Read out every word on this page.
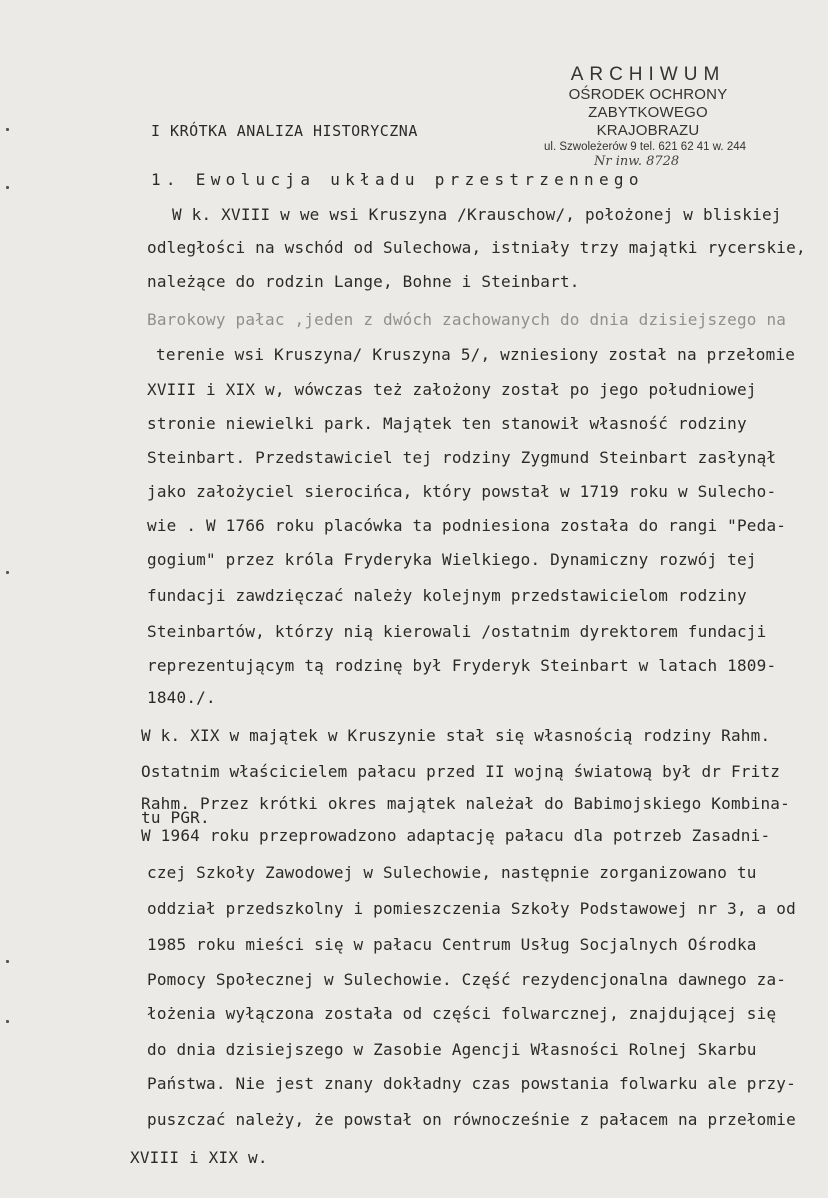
ARCHIWUM
OŚRODEK OCHRONY
ZABYTKOWEGO KRAJOBRAZU
ul. Szwoleżerów 9 tel. 621 62 41 w. 244
Nr inw. 8728
I KRÓTKA ANALIZA HISTORYCZNA
1. Ewolucja układu przestrzennego
W k. XVIII w we wsi Kruszyna /Krauschow/, położonej w bliskiej
odległości na wschód od Sulechowa, istniały trzy majątki rycerskie,
należące do rodzin Lange, Bohne i Steinbart.
Barokowy pałac ,jeden z dwóch zachowanych do dnia dzisiejszego na
terenie wsi Kruszyna/ Kruszyna 5/, wzniesiony został na przełomie
XVIII i XIX w, wówczas też założony został po jego południowej
stronie niewielki park. Majątek ten stanowił własność rodziny
Steinbart. Przedstawiciel tej rodziny Zygmund Steinbart zasłynął
jako założyciel sierocińca, który powstał w 1719 roku w Sulecho-
wie . W 1766 roku placówka ta podniesiona została do rangi "Peda-
gogium" przez króla Fryderyka Wielkiego. Dynamiczny rozwój tej
fundacji zawdzięczać należy kolejnym przedstawicielom rodziny
Steinbartów, którzy nią kierowali /ostatnim dyrektorem fundacji
reprezentującym tą rodzinę był Fryderyk Steinbart w latach 1809-
1840./.
W k. XIX w majątek w Kruszynie stał się własnością rodziny Rahm.
Ostatnim właścicielem pałacu przed II wojną światową był dr Fritz
Rahm. Przez krótki okres majątek należał do Babimojskiego Kombina-
tu PGR.
W 1964 roku przeprowadzono adaptację pałacu dla potrzeb Zasadni-
czej Szkoły Zawodowej w Sulechowie, następnie zorganizowano tu
oddział przedszkolny i pomieszczenia Szkoły Podstawowej nr 3, a od
1985 roku mieści się w pałacu Centrum Usług Socjalnych Ośrodka
Pomocy Społecznej w Sulechowie. Część rezydencjonalna dawnego za-
łożenia wyłączona została od części folwarcznej, znajdującej się
do dnia dzisiejszego w Zasobie Agencji Własności Rolnej Skarbu
Państwa. Nie jest znany dokładny czas powstania folwarku ale przy-
puszczać należy, że powstał on równocześnie z pałacem na przełomie
XVIII i XIX w.
